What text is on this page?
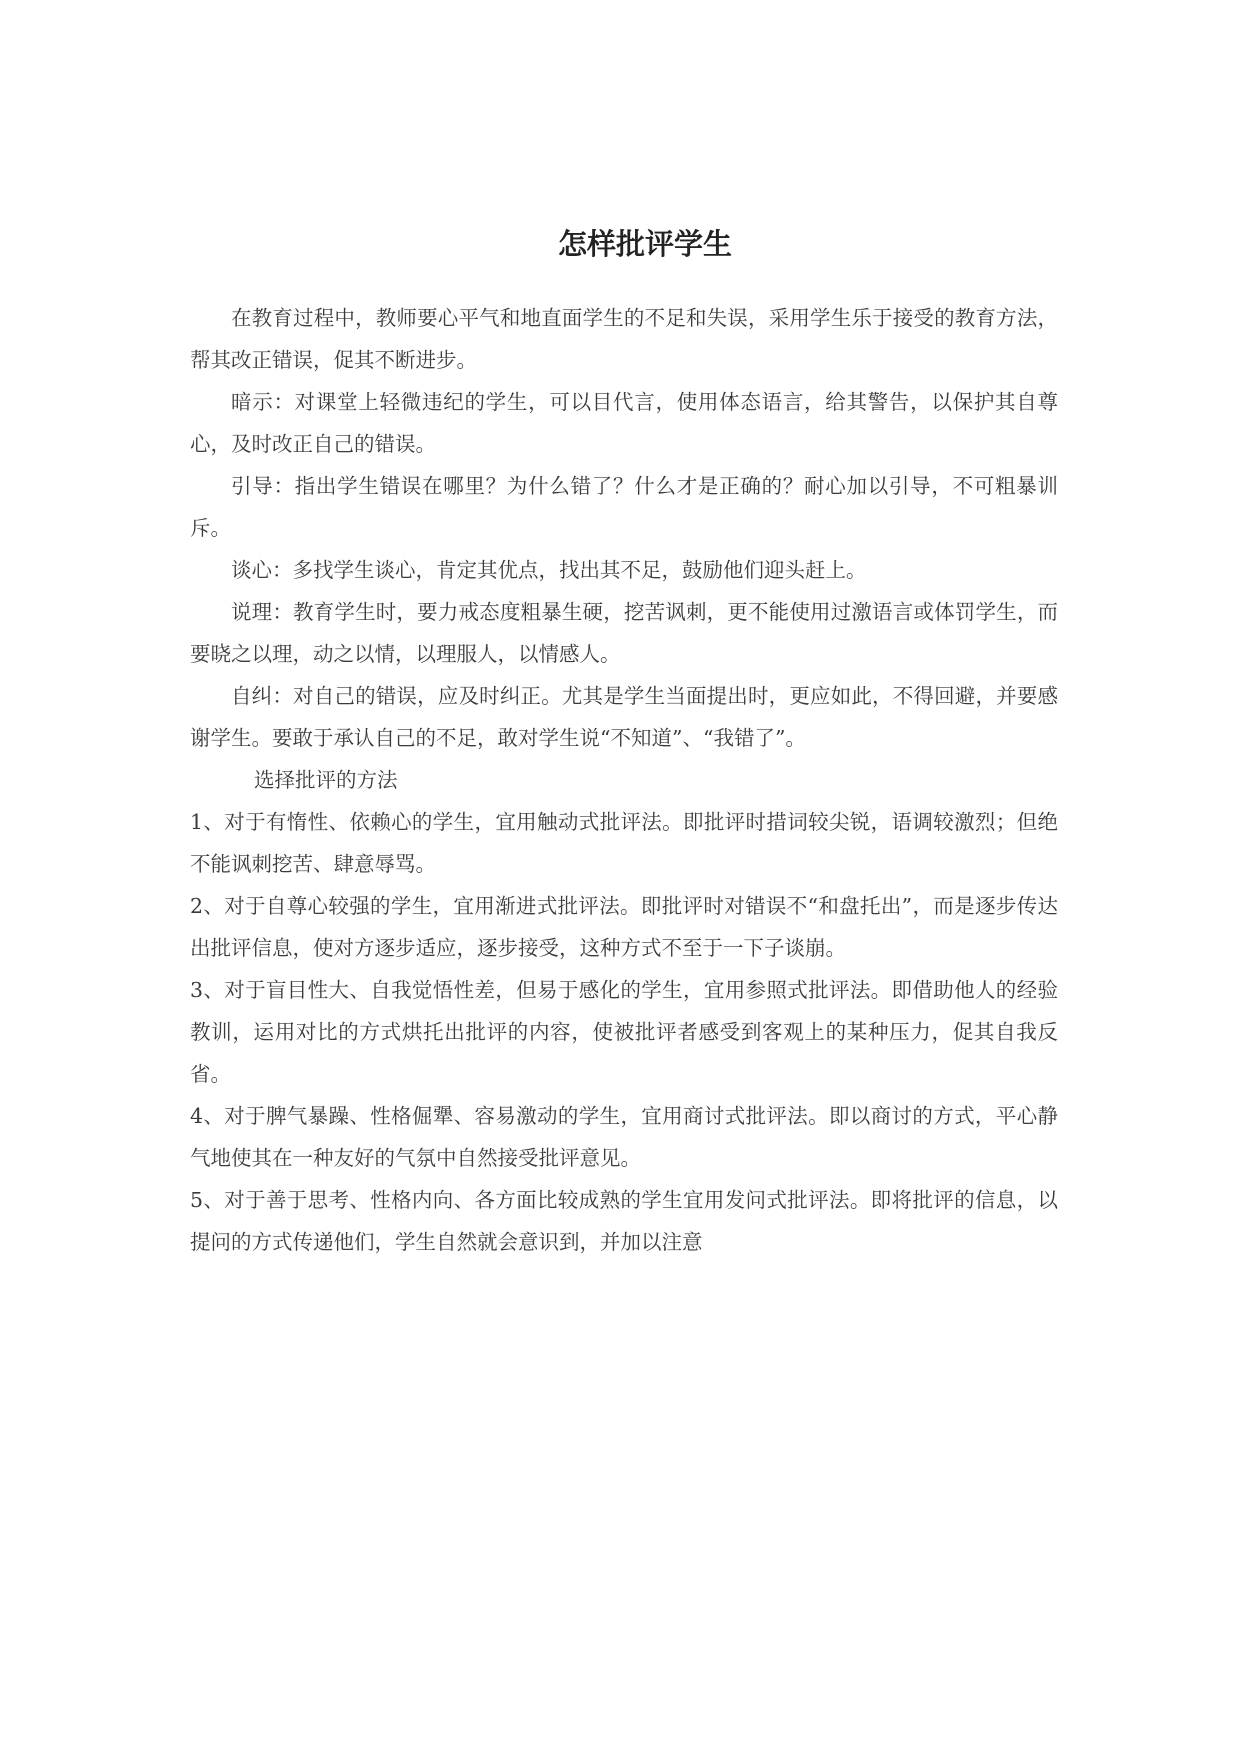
怎样批评学生

在教育过程中，教师要心平气和地直面学生的不足和失误，采用学生乐于接受的教育方法，帮其改正错误，促其不断进步。

暗示：对课堂上轻微违纪的学生，可以目代言，使用体态语言，给其警告，以保护其自尊心，及时改正自己的错误。

引导：指出学生错误在哪里？为什么错了？什么才是正确的？耐心加以引导，不可粗暴训斥。

谈心：多找学生谈心，肯定其优点，找出其不足，鼓励他们迎头赶上。

说理：教育学生时，要力戒态度粗暴生硬，挖苦讽刺，更不能使用过激语言或体罚学生，而要晓之以理，动之以情，以理服人，以情感人。

自纠：对自己的错误，应及时纠正。尤其是学生当面提出时，更应如此，不得回避，并要感谢学生。要敢于承认自己的不足，敢对学生说“不知道”、“我错了”。

选择批评的方法

1、对于有惰性、依赖心的学生，宜用触动式批评法。即批评时措词较尖锐，语调较激烈；但绝不能讽刺挖苦、肆意辱骂。

2、对于自尊心较强的学生，宜用渐进式批评法。即批评时对错误不“和盘托出”，而是逐步传达出批评信息，使对方逐步适应，逐步接受，这种方式不至于一下子谈崩。

3、对于盲目性大、自我觉悟性差，但易于感化的学生，宜用参照式批评法。即借助他人的经验教训，运用对比的方式烘托出批评的内容，使被批评者感受到客观上的某种压力，促其自我反省。

4、对于脾气暴躁、性格倔犟、容易激动的学生，宜用商讨式批评法。即以商讨的方式，平心静气地使其在一种友好的气氛中自然接受批评意见。

5、对于善于思考、性格内向、各方面比较成熟的学生宜用发问式批评法。即将批评的信息，以提问的方式传递他们，学生自然就会意识到，并加以注意
